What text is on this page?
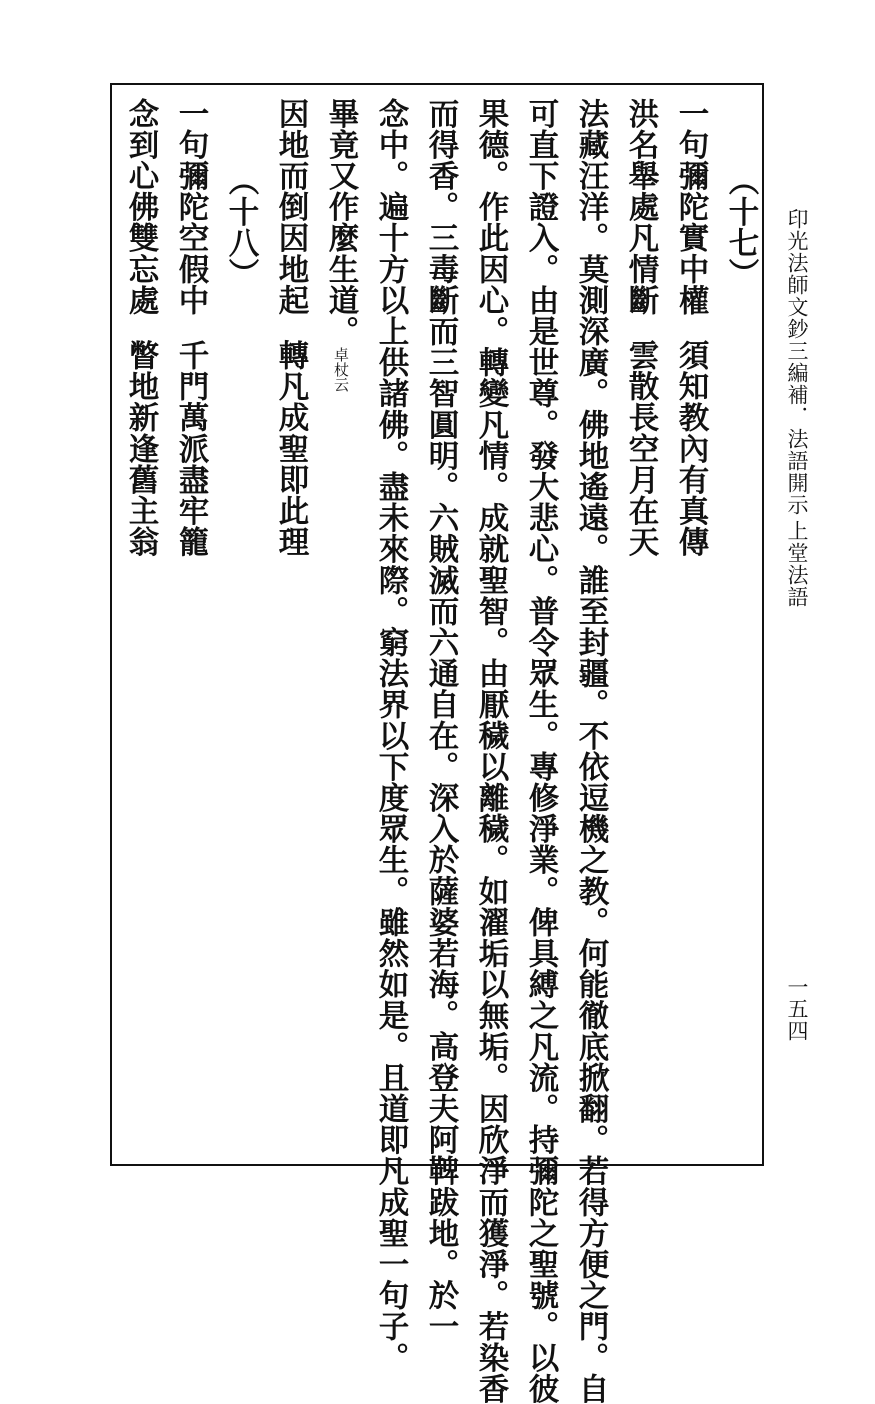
印光法師文鈔三編補．法語開示
上堂法語
一五四
（十七）
一句彌陀實中權須知教內有真傳
洪名舉處凡情斷雲散長空月在天
法藏汪洋。莫測深廣。佛地遙遠。誰至封疆。不依逗機之教。何能徹底掀翻。若得方便之門。自
可直下證入。由是世尊。發大悲心。普令眾生。專修淨業。俾具縛之凡流。持彌陀之聖號。以彼
果德。作此因心。轉變凡情。成就聖智。由厭穢以離穢。如濯垢以無垢。因欣淨而獲淨。若染香
而得香。三毒斷而三智圓明。六賊滅而六通自在。深入於薩婆若海。高登夫阿鞞跋地。於一
念中。遍十方以上供諸佛。盡未來際。窮法界以下度眾生。雖然如是。且道即凡成聖一句子。
畢竟又作麼生道。卓杖云
因地而倒因地起轉凡成聖即此理
（十八）
一句彌陀空假中千門萬派盡牢籠
念到心佛雙忘處瞥地新逢舊主翁
